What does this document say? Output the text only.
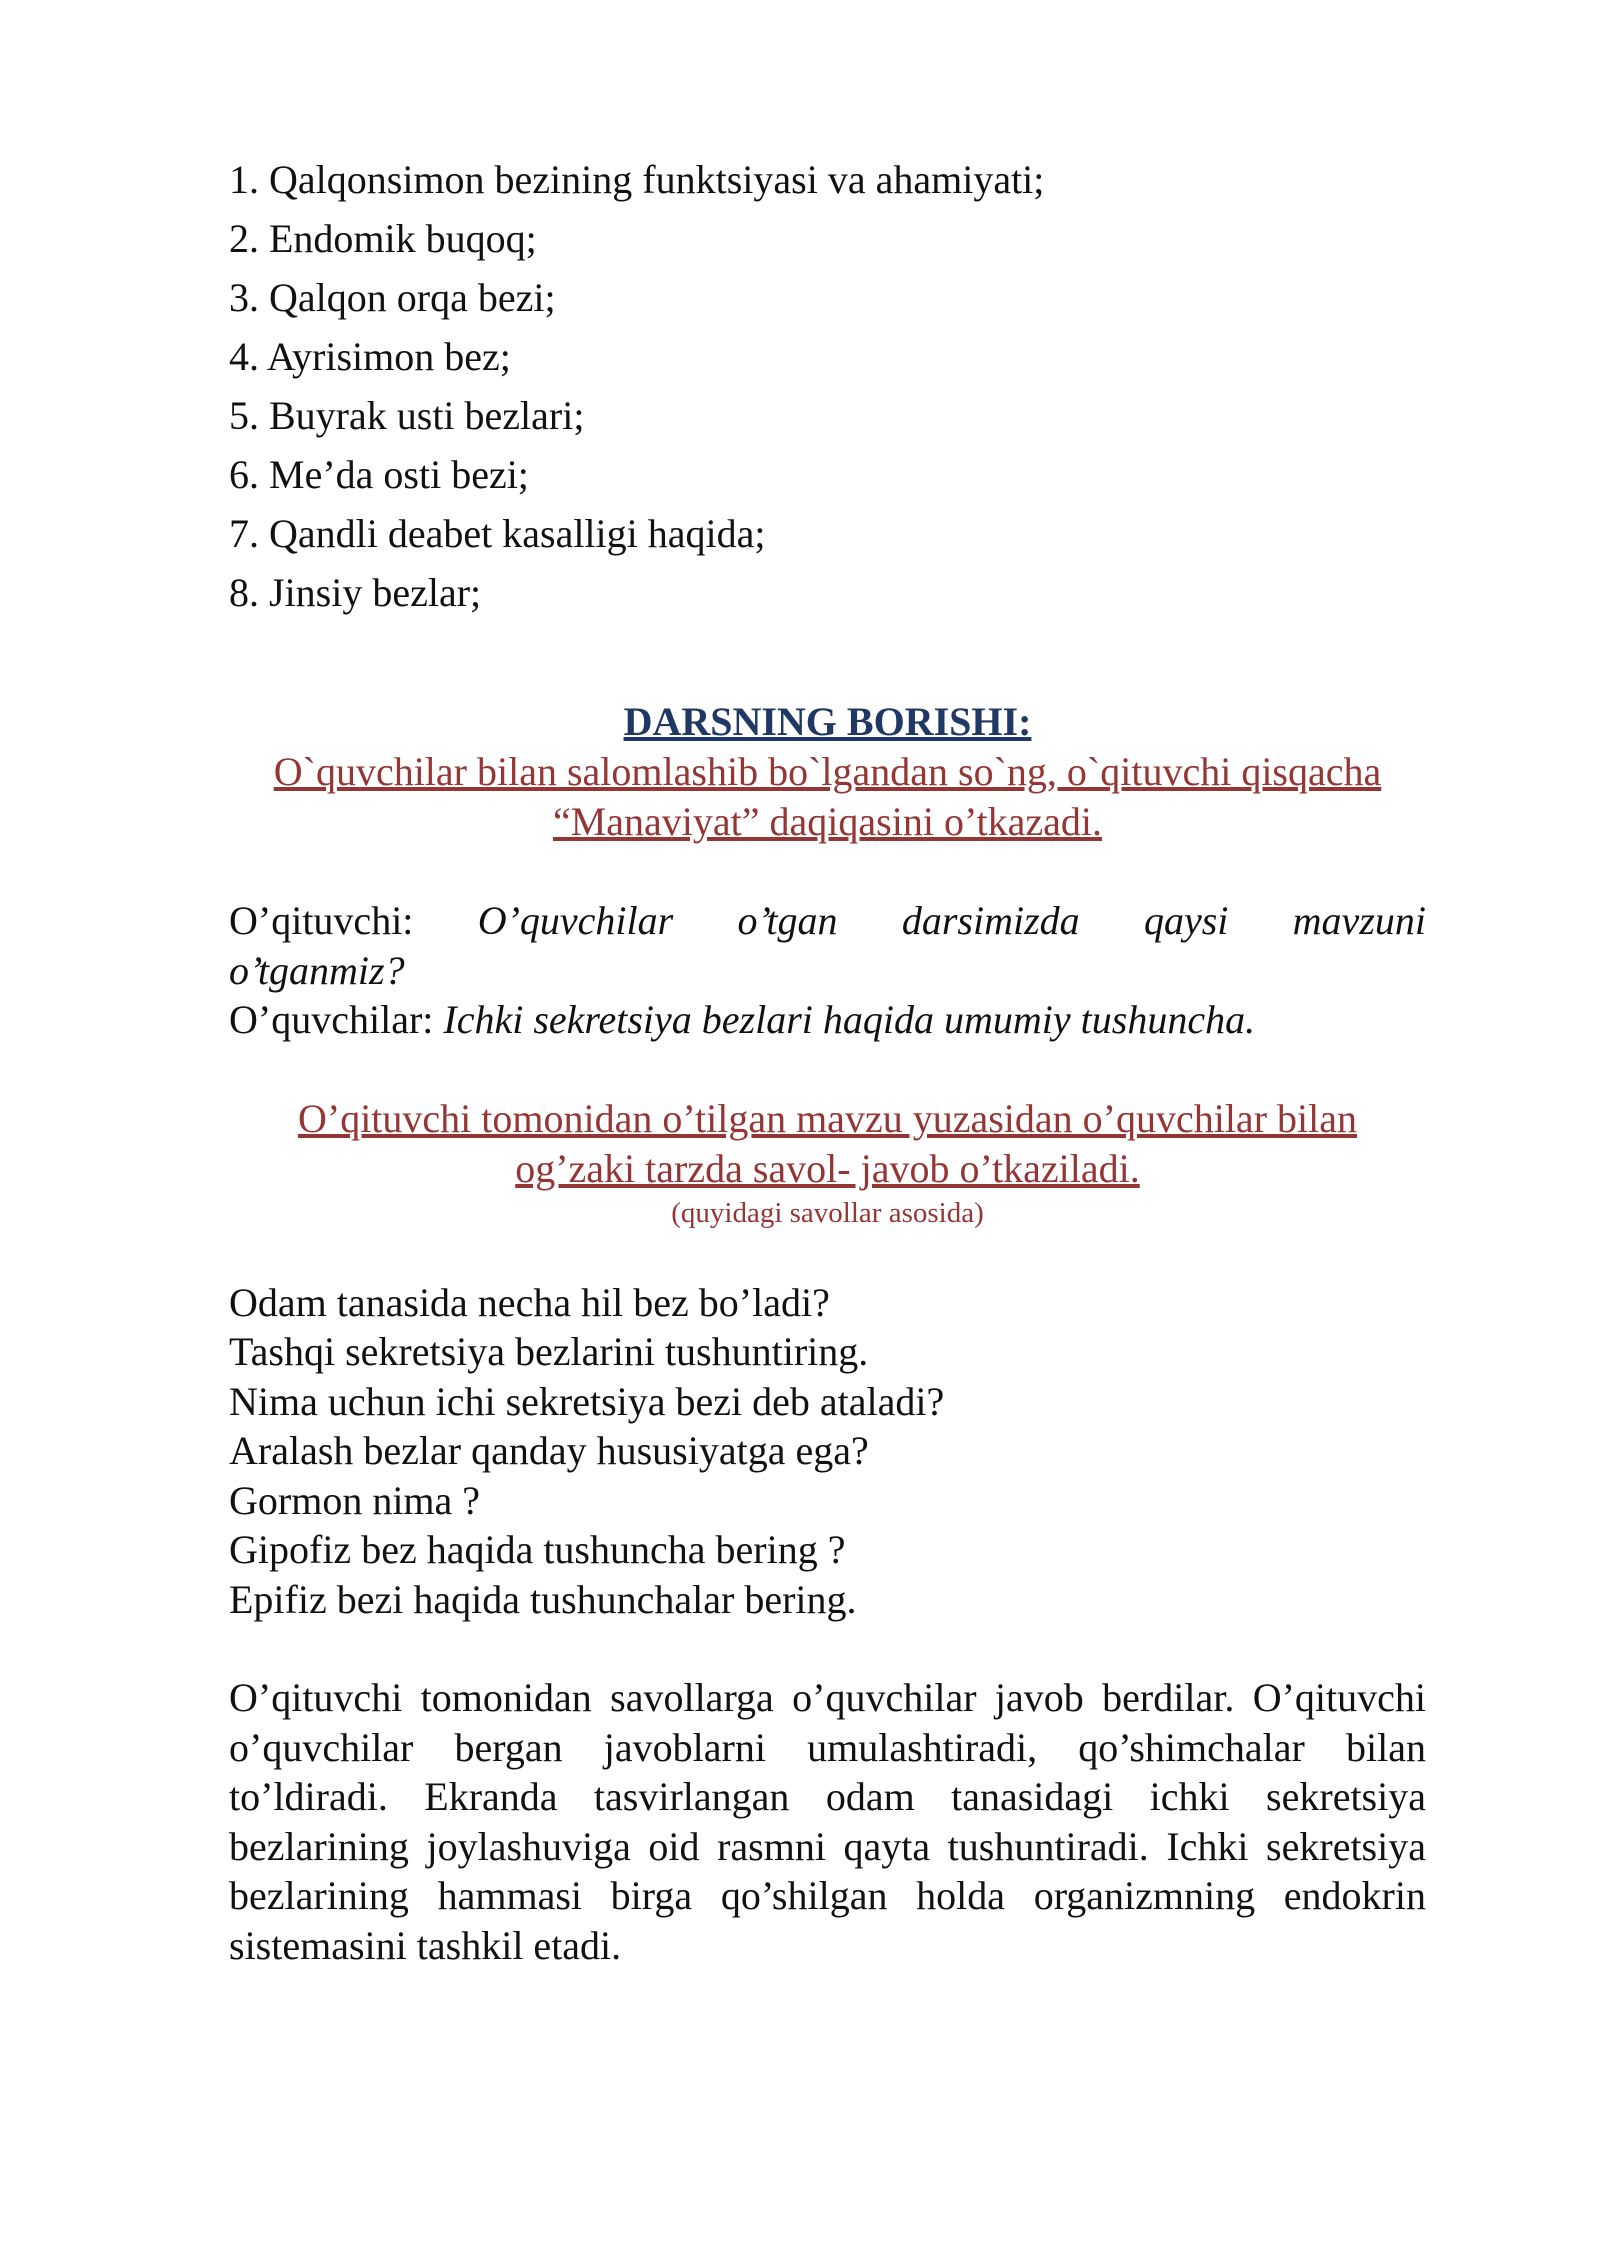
1. Qalqonsimon bezining funktsiyasi va ahamiyati;
2. Endomik buqoq;
3. Qalqon orqa bezi;
4. Ayrisimon bez;
5. Buyrak usti bezlari;
6. Me’da osti bezi;
7. Qandli deabet kasalligi haqida;
8. Jinsiy bezlar;

DARSNING BORISHI:

O`quvchilar bilan salomlashib bo`lgandan so`ng, o`qituvchi qisqacha

“Manaviyat” daqiqasini o’tkazadi.

O’qituvchi: O’quvchilar o’tgan darsimizda qaysi mavzuni

o’tganmiz?

O’quvchilar: Ichki sekretsiya bezlari haqida umumiy tushuncha.

O’qituvchi tomonidan o’tilgan mavzu yuzasidan o’quvchilar bilan

og’zaki tarzda savol- javob o’tkaziladi.

(quyidagi savollar asosida)

Odam tanasida necha hil bez bo’ladi?

Tashqi sekretsiya bezlarini tushuntiring.

Nima uchun ichi sekretsiya bezi deb ataladi?

Aralash bezlar qanday hususiyatga ega?

Gormon nima ?

Gipofiz bez haqida tushuncha bering ?

Epifiz bezi haqida tushunchalar bering.

O’qituvchi tomonidan savollarga o’quvchilar javob berdilar. O’qituvchi o’quvchilar bergan javoblarni umulashtiradi, qo’shimchalar bilan to’ldiradi. Ekranda tasvirlangan odam tanasidagi ichki sekretsiya bezlarining joylashuviga oid rasmni qayta tushuntiradi. Ichki sekretsiya bezlarining hammasi birga qo’shilgan holda organizmning endokrin sistemasini tashkil etadi.
